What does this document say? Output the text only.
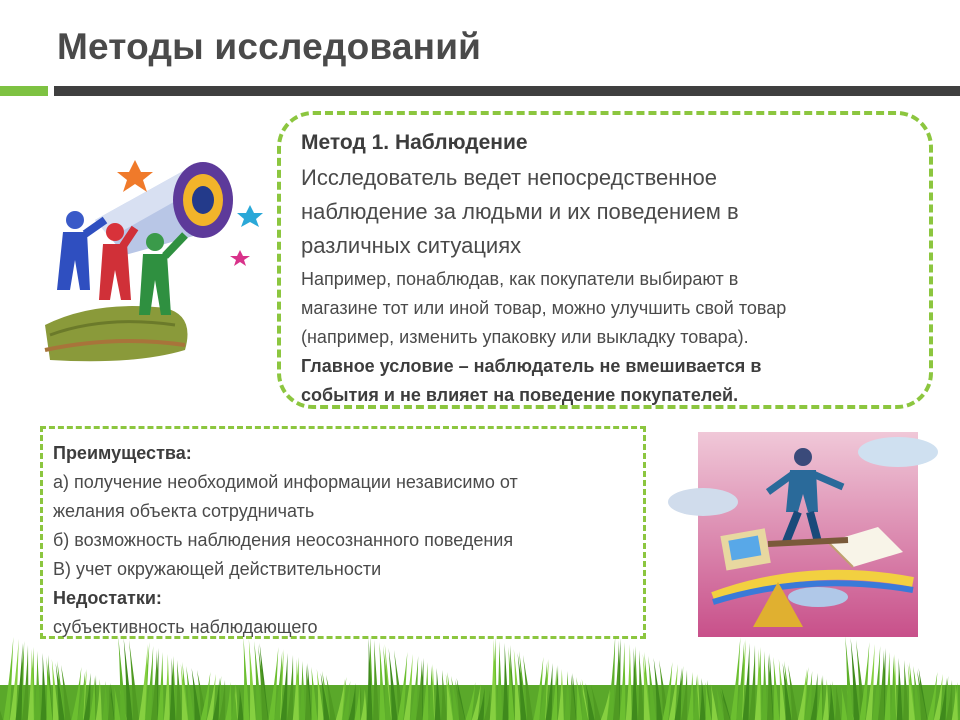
Методы исследований
Метод 1. Наблюдение
Исследователь ведет непосредственное
наблюдение за людьми и их поведением в
различных ситуациях
Например, понаблюдав, как покупатели выбирают в
магазине тот или иной товар, можно улучшить свой товар
(например, изменить упаковку или выкладку товара).
Главное условие – наблюдатель не вмешивается в
события и не влияет на поведение покупателей.
Преимущества:
а) получение необходимой информации независимо от
желания объекта сотрудничать
б) возможность наблюдения неосознанного поведения
В) учет окружающей действительности
Недостатки:
субъективность наблюдающего
